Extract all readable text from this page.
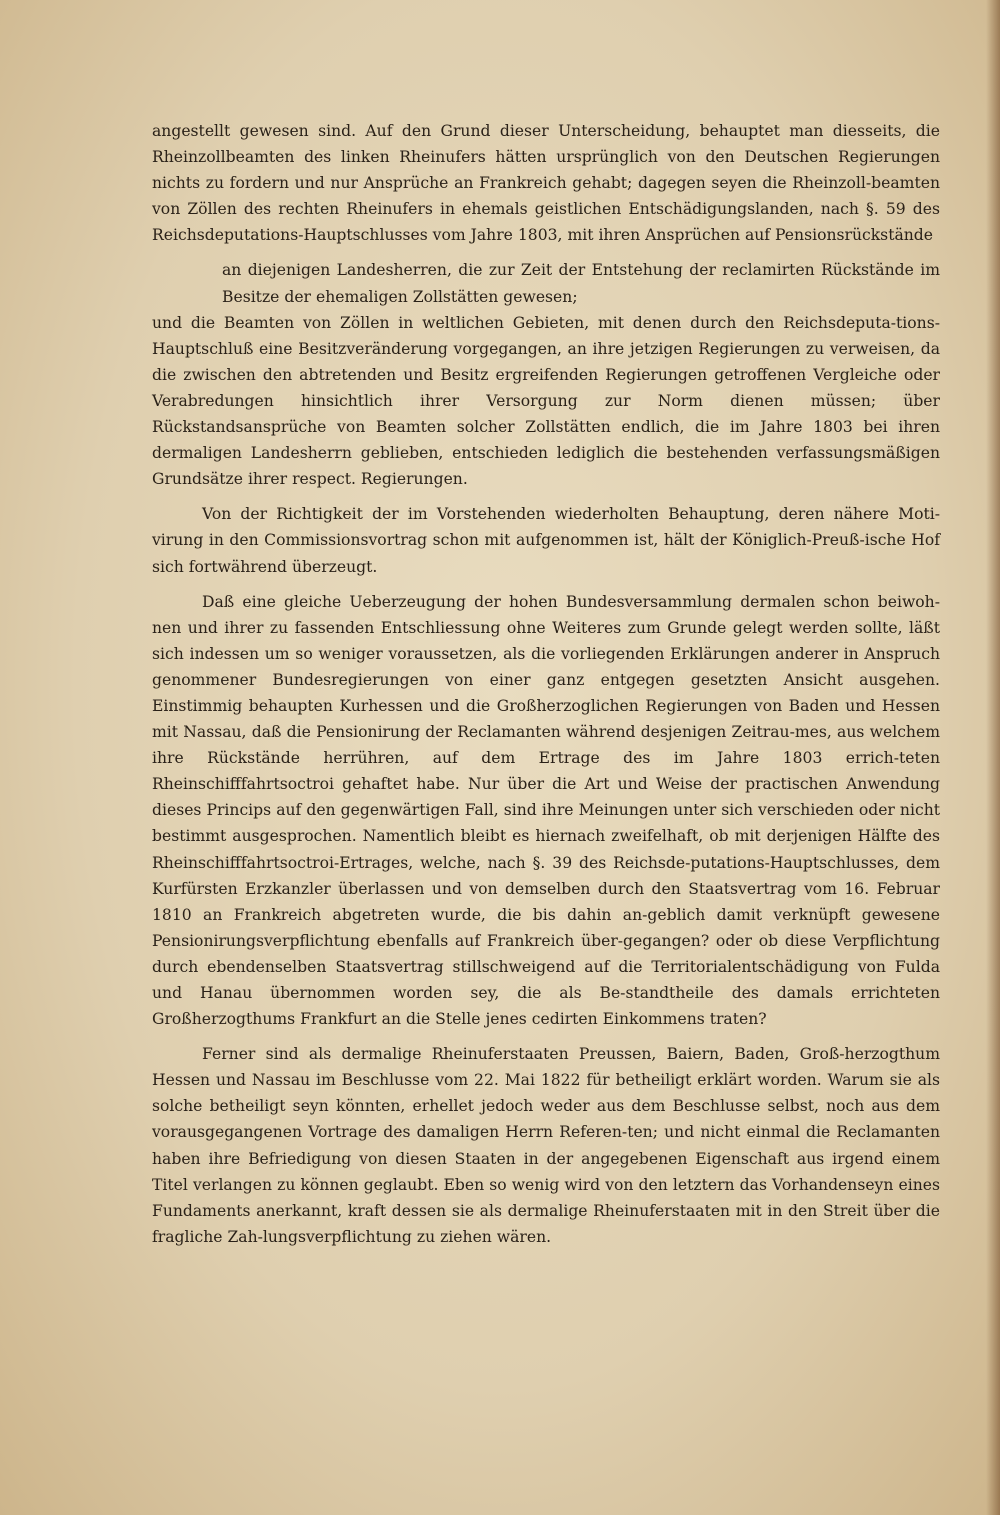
angestellt gewesen sind. Auf den Grund dieser Unterscheidung, behauptet man diesseits, die Rheinzollbeamten des linken Rheinufers hätten ursprünglich von den Deutschen Regierungen nichts zu fordern und nur Ansprüche an Frankreich gehabt; dagegen seyen die Rheinzoll-beamten von Zöllen des rechten Rheinufers in ehemals geistlichen Entschädigungslanden, nach §. 59 des Reichsdeputations-Hauptschlusses vom Jahre 1803, mit ihren Ansprüchen auf Pensionsrückstände

an diejenigen Landesherren, die zur Zeit der Entstehung der reclamirten Rückstände im Besitze der ehemaligen Zollstätten gewesen;

und die Beamten von Zöllen in weltlichen Gebieten, mit denen durch den Reichsdeputa-tions-Hauptschluß eine Besitzveränderung vorgegangen, an ihre jetzigen Regierungen zu verweisen, da die zwischen den abtretenden und Besitz ergreifenden Regierungen getroffenen Vergleiche oder Verabredungen hinsichtlich ihrer Versorgung zur Norm dienen müssen; über Rückstandsansprüche von Beamten solcher Zollstätten endlich, die im Jahre 1803 bei ihren dermaligen Landesherrn geblieben, entschieden lediglich die bestehenden verfassungsmäßigen Grundsätze ihrer respect. Regierungen.

Von der Richtigkeit der im Vorstehenden wiederholten Behauptung, deren nähere Moti-virung in den Commissionsvortrag schon mit aufgenommen ist, hält der Königlich-Preuß-ische Hof sich fortwährend überzeugt.

Daß eine gleiche Ueberzeugung der hohen Bundesversammlung dermalen schon beiwoh-nen und ihrer zu fassenden Entschliessung ohne Weiteres zum Grunde gelegt werden sollte, läßt sich indessen um so weniger voraussetzen, als die vorliegenden Erklärungen anderer in Anspruch genommener Bundesregierungen von einer ganz entgegen gesetzten Ansicht ausgehen. Einstimmig behaupten Kurhessen und die Großherzoglichen Regierungen von Baden und Hessen mit Nassau, daß die Pensionirung der Reclamanten während desjenigen Zeitrau-mes, aus welchem ihre Rückstände herrühren, auf dem Ertrage des im Jahre 1803 errich-teten Rheinschifffahrtsoctroi gehaftet habe. Nur über die Art und Weise der practischen Anwendung dieses Princips auf den gegenwärtigen Fall, sind ihre Meinungen unter sich verschieden oder nicht bestimmt ausgesprochen. Namentlich bleibt es hiernach zweifelhaft, ob mit derjenigen Hälfte des Rheinschifffahrtsoctroi-Ertrages, welche, nach §. 39 des Reichsde-putations-Hauptschlusses, dem Kurfürsten Erzkanzler überlassen und von demselben durch den Staatsvertrag vom 16. Februar 1810 an Frankreich abgetreten wurde, die bis dahin an-geblich damit verknüpft gewesene Pensionirungsverpflichtung ebenfalls auf Frankreich über-gegangen? oder ob diese Verpflichtung durch ebendenselben Staatsvertrag stillschweigend auf die Territorialentschädigung von Fulda und Hanau übernommen worden sey, die als Be-standtheile des damals errichteten Großherzogthums Frankfurt an die Stelle jenes cedirten Einkommens traten?

Ferner sind als dermalige Rheinuferstaaten Preussen, Baiern, Baden, Groß-herzogthum Hessen und Nassau im Beschlusse vom 22. Mai 1822 für betheiligt erklärt worden. Warum sie als solche betheiligt seyn könnten, erhellet jedoch weder aus dem Beschlusse selbst, noch aus dem vorausgegangenen Vortrage des damaligen Herrn Referen-ten; und nicht einmal die Reclamanten haben ihre Befriedigung von diesen Staaten in der angegebenen Eigenschaft aus irgend einem Titel verlangen zu können geglaubt. Eben so wenig wird von den letztern das Vorhandenseyn eines Fundaments anerkannt, kraft dessen sie als dermalige Rheinuferstaaten mit in den Streit über die fragliche Zah-lungsverpflichtung zu ziehen wären.
